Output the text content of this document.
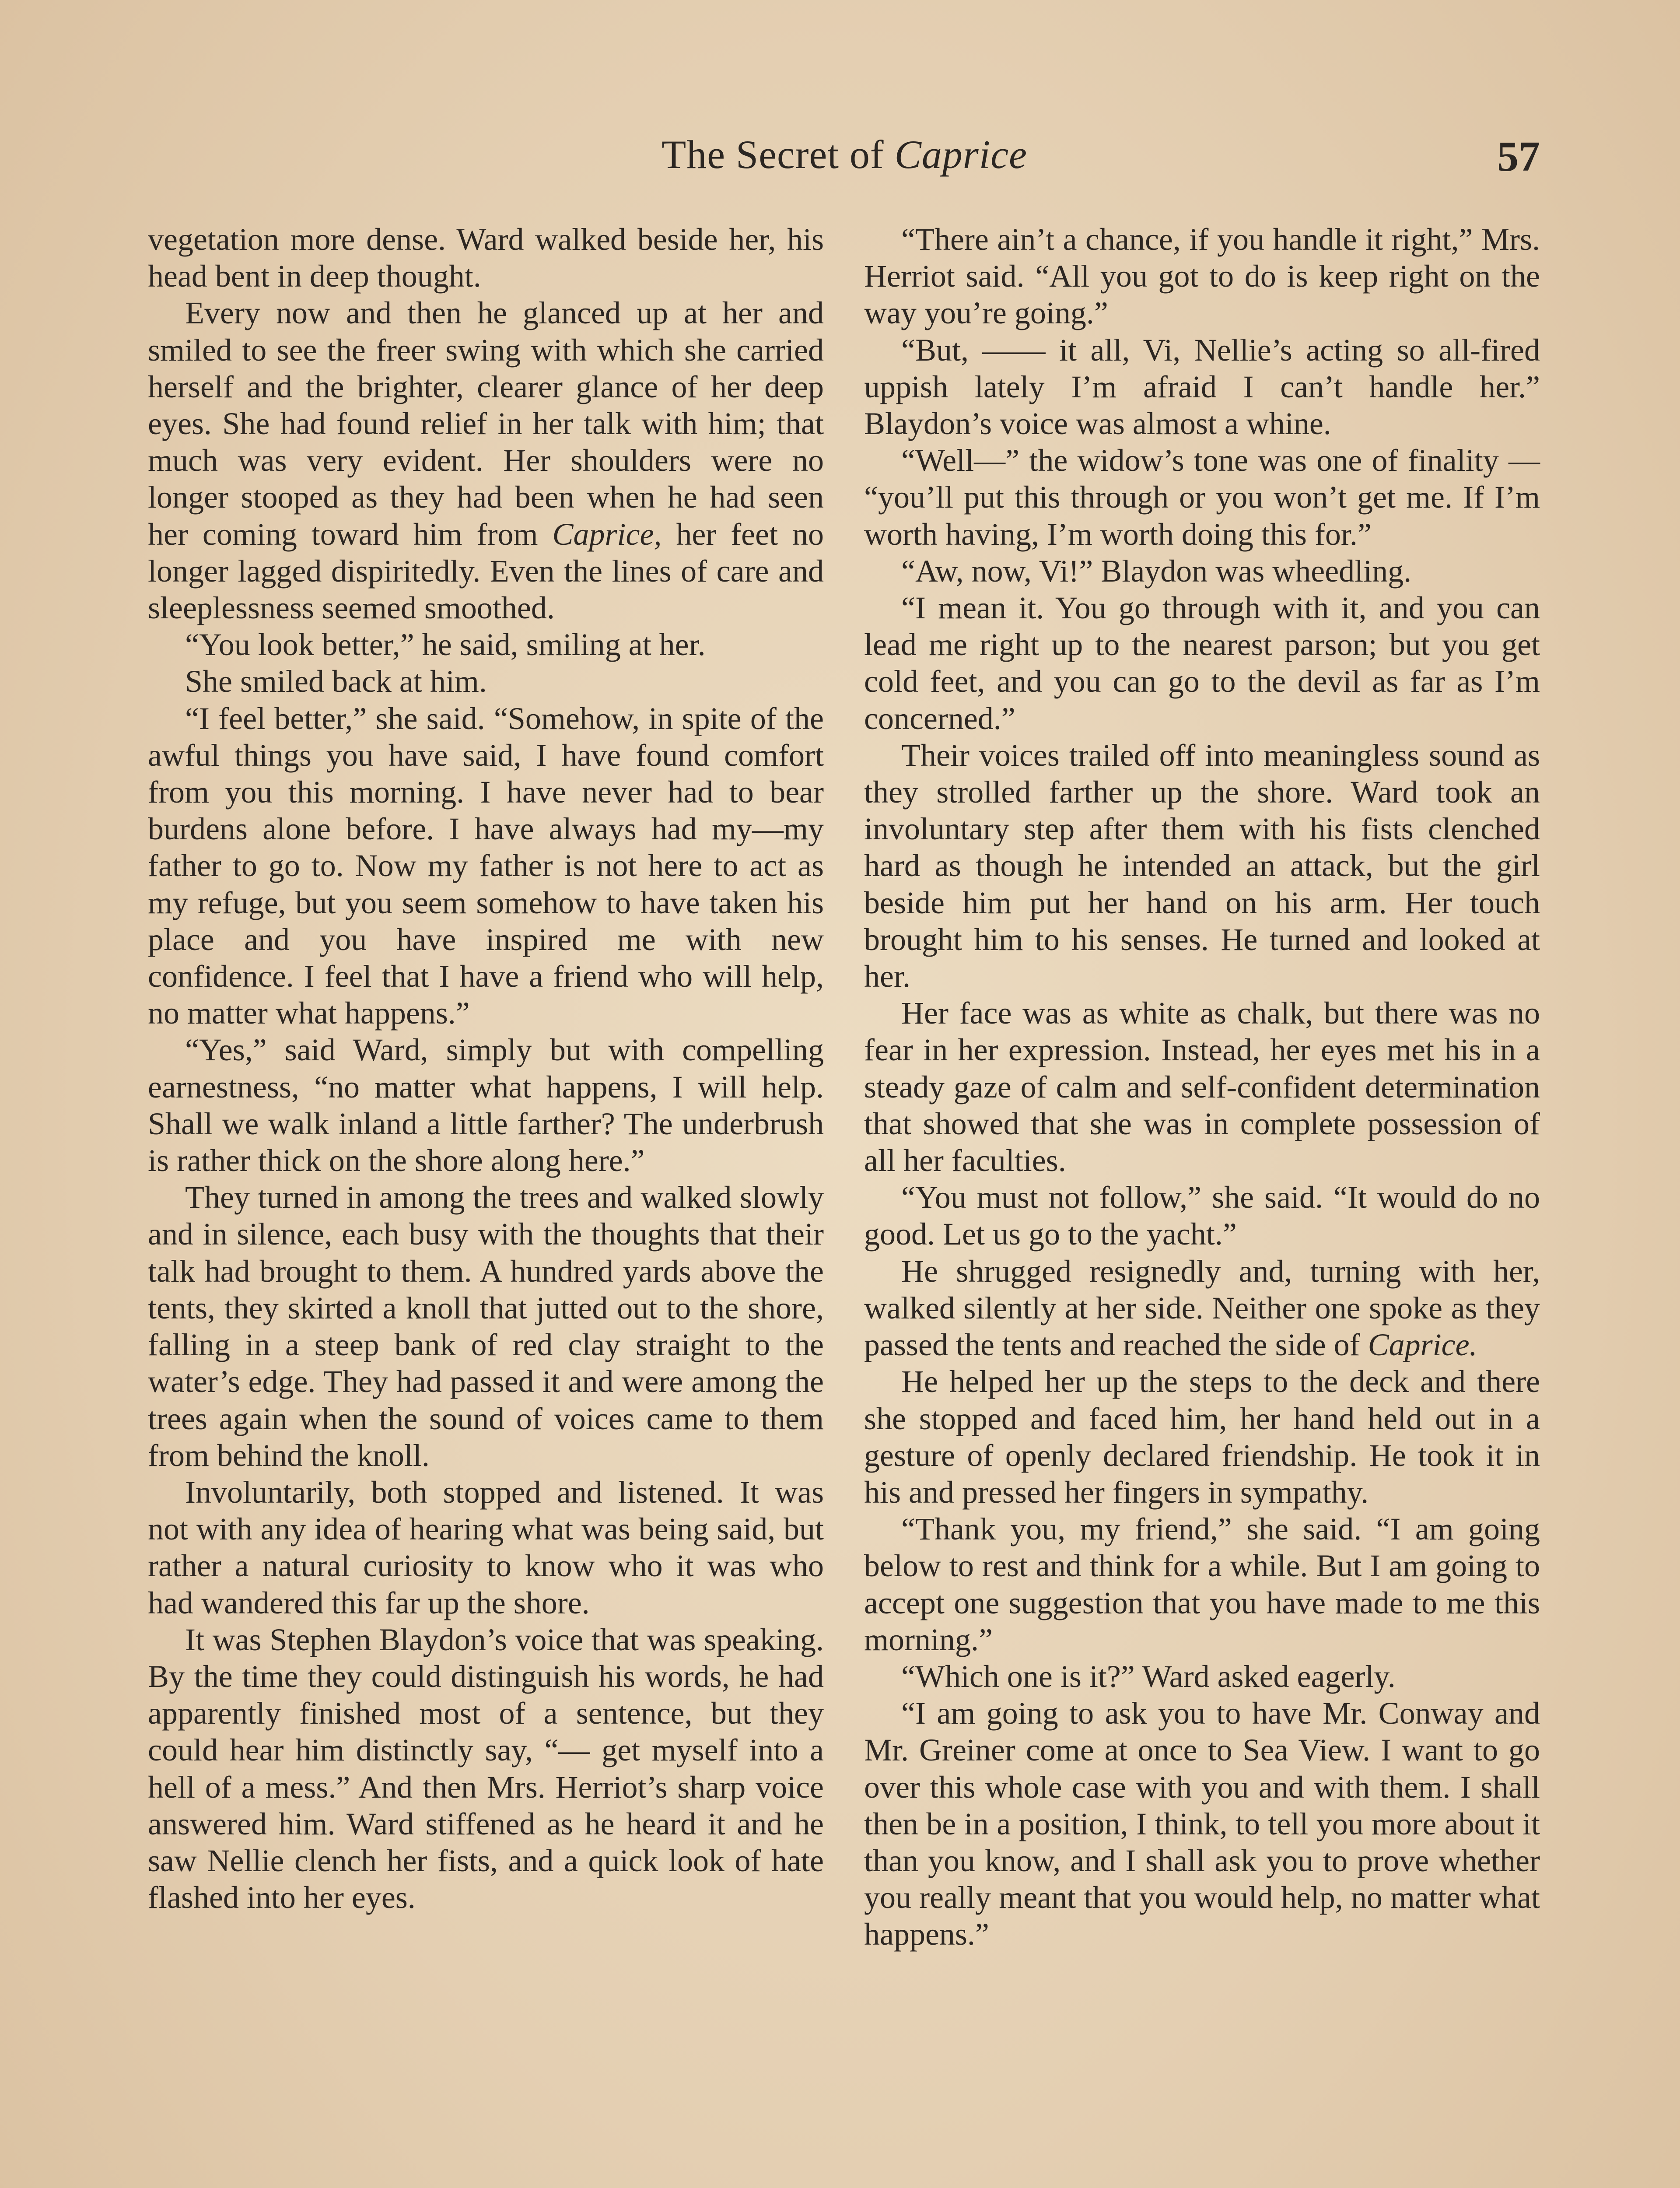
The Secret of Caprice	57

vegetation more dense. Ward walked beside her, his head bent in deep thought.

Every now and then he glanced up at her and smiled to see the freer swing with which she carried herself and the brighter, clearer glance of her deep eyes. She had found relief in her talk with him; that much was very evident. Her shoulders were no longer stooped as they had been when he had seen her coming toward him from Caprice, her feet no longer lagged dispiritedly. Even the lines of care and sleeplessness seemed smoothed.

“You look better,” he said, smiling at her.

She smiled back at him.

“I feel better,” she said. “Somehow, in spite of the awful things you have said, I have found comfort from you this morning. I have never had to bear burdens alone before. I have always had my—my father to go to. Now my father is not here to act as my refuge, but you seem somehow to have taken his place and you have inspired me with new confidence. I feel that I have a friend who will help, no matter what happens.”

“Yes,” said Ward, simply but with compelling earnestness, “no matter what happens, I will help. Shall we walk inland a little farther? The underbrush is rather thick on the shore along here.”

They turned in among the trees and walked slowly and in silence, each busy with the thoughts that their talk had brought to them. A hundred yards above the tents, they skirted a knoll that jutted out to the shore, falling in a steep bank of red clay straight to the water’s edge. They had passed it and were among the trees again when the sound of voices came to them from behind the knoll.

Involuntarily, both stopped and listened. It was not with any idea of hearing what was being said, but rather a natural curiosity to know who it was who had wandered this far up the shore.

It was Stephen Blaydon’s voice that was speaking. By the time they could distinguish his words, he had apparently finished most of a sentence, but they could hear him distinctly say, “— get myself into a hell of a mess.” And then Mrs. Herriot’s sharp voice answered him. Ward stiffened as he heard it and he saw Nellie clench her fists, and a quick look of hate flashed into her eyes.

“There ain’t a chance, if you handle it right,” Mrs. Herriot said. “All you got to do is keep right on the way you’re going.”

“But, —— it all, Vi, Nellie’s acting so all-fired uppish lately I’m afraid I can’t handle her.” Blaydon’s voice was almost a whine.

“Well—” the widow’s tone was one of finality — “you’ll put this through or you won’t get me. If I’m worth having, I’m worth doing this for.”

“Aw, now, Vi!” Blaydon was wheedling.

“I mean it. You go through with it, and you can lead me right up to the nearest parson; but you get cold feet, and you can go to the devil as far as I’m concerned.”

Their voices trailed off into meaningless sound as they strolled farther up the shore. Ward took an involuntary step after them with his fists clenched hard as though he intended an attack, but the girl beside him put her hand on his arm. Her touch brought him to his senses. He turned and looked at her.

Her face was as white as chalk, but there was no fear in her expression. Instead, her eyes met his in a steady gaze of calm and self-confident determination that showed that she was in complete possession of all her faculties.

“You must not follow,” she said. “It would do no good. Let us go to the yacht.”

He shrugged resignedly and, turning with her, walked silently at her side. Neither one spoke as they passed the tents and reached the side of Caprice.

He helped her up the steps to the deck and there she stopped and faced him, her hand held out in a gesture of openly declared friendship. He took it in his and pressed her fingers in sympathy.

“Thank you, my friend,” she said. “I am going below to rest and think for a while. But I am going to accept one suggestion that you have made to me this morning.”

“Which one is it?” Ward asked eagerly.

“I am going to ask you to have Mr. Conway and Mr. Greiner come at once to Sea View. I want to go over this whole case with you and with them. I shall then be in a position, I think, to tell you more about it than you know, and I shall ask you to prove whether you really meant that you would help, no matter what happens.”
